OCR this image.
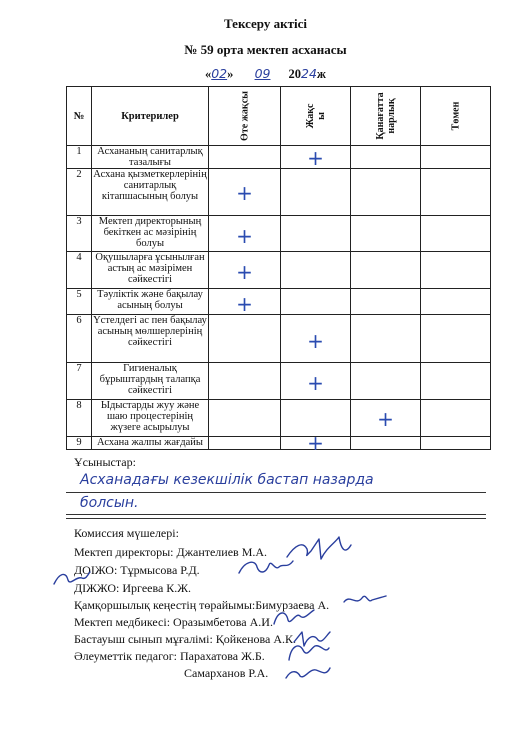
Тексеру актісі
№ 59 орта мектеп асханасы
«02» 09 2024ж
№	Критерилер	Өте жақсы	Жақсы	Қанағаттанарлық	Төмен

1	Асхананың санитарлық тазалығы		+		

2	Асхана қызметкерлерінің санитарлық кітапшасының болуы	+			

3	Мектеп директорының бекіткен ас мәзірінің болуы	+			

4	Оқушыларға ұсынылған астың ас мәзірімен сәйкестігі	+			

5	Тәуліктік және бақылау асының болуы	+			

6	Үстелдегі ас пен бақылау асының мөлшерлерінің сәйкестігі		+		

7	Гигиеналық бұрыштардың талапқа сәйкестігі		+		

8	Ыдыстарды жуу және шаю процестерінің жүзеге асырылуы			+	

9	Асхана жалпы жағдайы		+		

Ұсыныстар:
Асханадағы кезекшілік бастап назарда
болсын.
Комиссия мүшелері:
Мектеп директоры: Джантелиев М.А.
ДОІЖО: Тұрмысова Р.Д.
ДІЖЖО: Иргеева К.Ж.
Қамқоршылық кеңестің төрайымы:Бимурзаева А.
Мектеп медбикесі: Оразымбетова А.И.
Бастауыш сынып мұғалімі: Қойкенова А.К.
Әлеуметтік педагог: Парахатова Ж.Б.
Самарханов Р.А.
